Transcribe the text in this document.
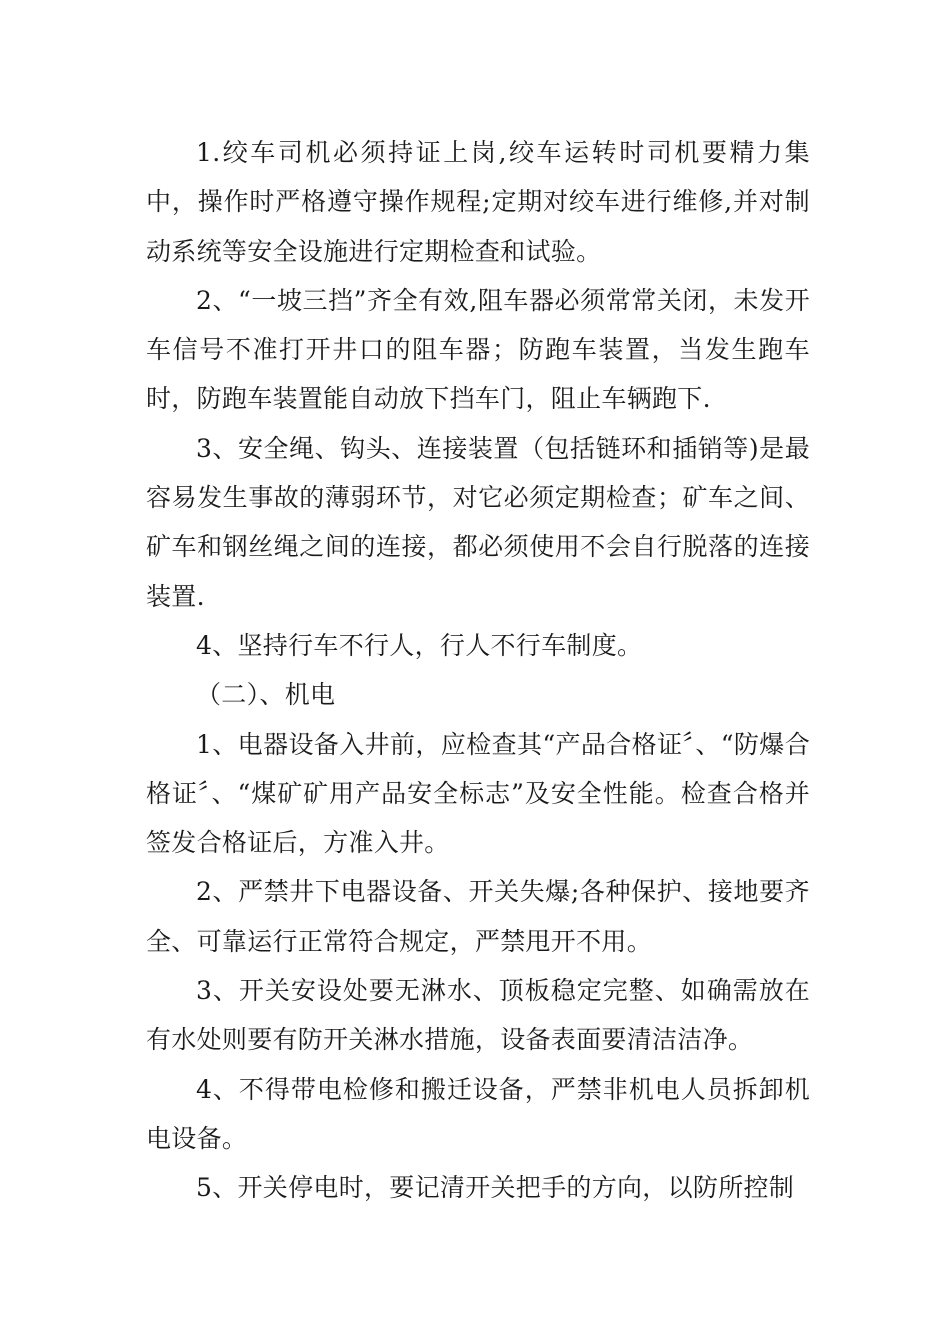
1.绞车司机必须持证上岗,绞车运转时司机要精力集中，操作时严格遵守操作规程;定期对绞车进行维修,并对制动系统等安全设施进行定期检查和试验。

2、“一坡三挡”齐全有效,阻车器必须常常关闭，未发开车信号不准打开井口的阻车器；防跑车装置，当发生跑车时，防跑车装置能自动放下挡车门，阻止车辆跑下.

3、安全绳、钩头、连接装置（包括链环和插销等)是最容易发生事故的薄弱环节，对它必须定期检查；矿车之间、矿车和钢丝绳之间的连接，都必须使用不会自行脱落的连接装置.

4、坚持行车不行人，行人不行车制度。

（二）、机电

1、电器设备入井前，应检查其“产品合格证〞、“防爆合格证〞、“煤矿矿用产品安全标志”及安全性能。检查合格并签发合格证后，方准入井。

2、严禁井下电器设备、开关失爆;各种保护、接地要齐全、可靠运行正常符合规定，严禁甩开不用。

3、开关安设处要无淋水、顶板稳定完整、如确需放在有水处则要有防开关淋水措施，设备表面要清洁洁净。

4、不得带电检修和搬迁设备，严禁非机电人员拆卸机电设备。

5、开关停电时，要记清开关把手的方向，以防所控制
